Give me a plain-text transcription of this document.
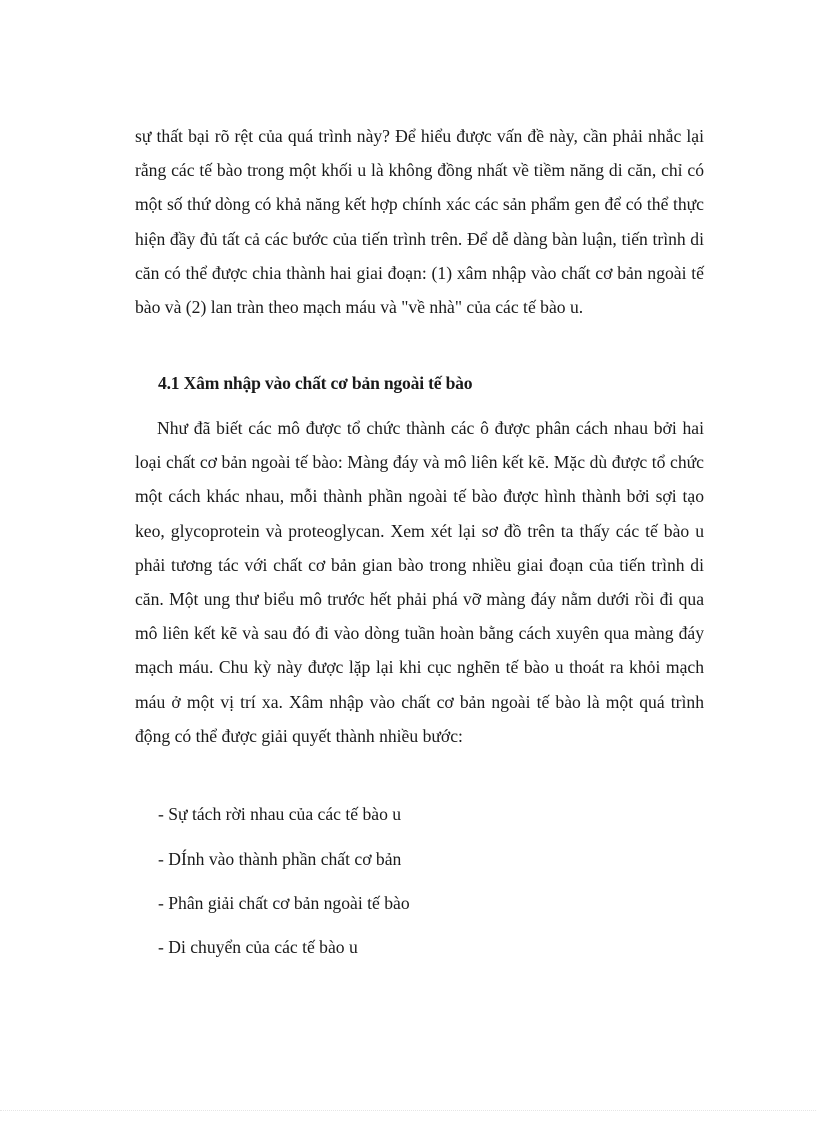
sự thất bại rõ rệt của quá trình này? Để hiểu được vấn đề này, cần phải nhắc lại rằng các tế bào trong một khối u là không đồng nhất về tiềm năng di căn, chỉ có một số thứ dòng có khả năng kết hợp chính xác các sản phẩm gen để có thể thực hiện đầy đủ tất cả các bước của tiến trình trên. Để dễ dàng bàn luận, tiến trình di căn có thể được chia thành hai giai đoạn: (1) xâm nhập vào chất cơ bản ngoài tế bào và (2) lan tràn theo mạch máu và "về nhà" của các tế bào u.

4.1 Xâm nhập vào chất cơ bản ngoài tế bào

Như đã biết các mô được tổ chức thành các ô được phân cách nhau bởi hai loại chất cơ bản ngoài tế bào: Màng đáy và mô liên kết kẽ. Mặc dù được tổ chức một cách khác nhau, mỗi thành phần ngoài tế bào được hình thành bởi sợi tạo keo, glycoprotein và proteoglycan. Xem xét lại sơ đồ trên ta thấy các tế bào u phải tương tác với chất cơ bản gian bào trong nhiều giai đoạn của tiến trình di căn. Một ung thư biểu mô trước hết phải phá vỡ màng đáy nằm dưới rồi đi qua mô liên kết kẽ và sau đó đi vào dòng tuần hoàn bằng cách xuyên qua màng đáy mạch máu. Chu kỳ này được lặp lại khi cục nghẽn tế bào u thoát ra khỏi mạch máu ở một vị trí xa. Xâm nhập vào chất cơ bản ngoài tế bào là một quá trình động có thể được giải quyết thành nhiều bước:

- Sự tách rời nhau của các tế bào u

- DÍnh vào thành phần chất cơ bản

- Phân giải chất cơ bản ngoài tế bào

- Di chuyển của các tế bào u
